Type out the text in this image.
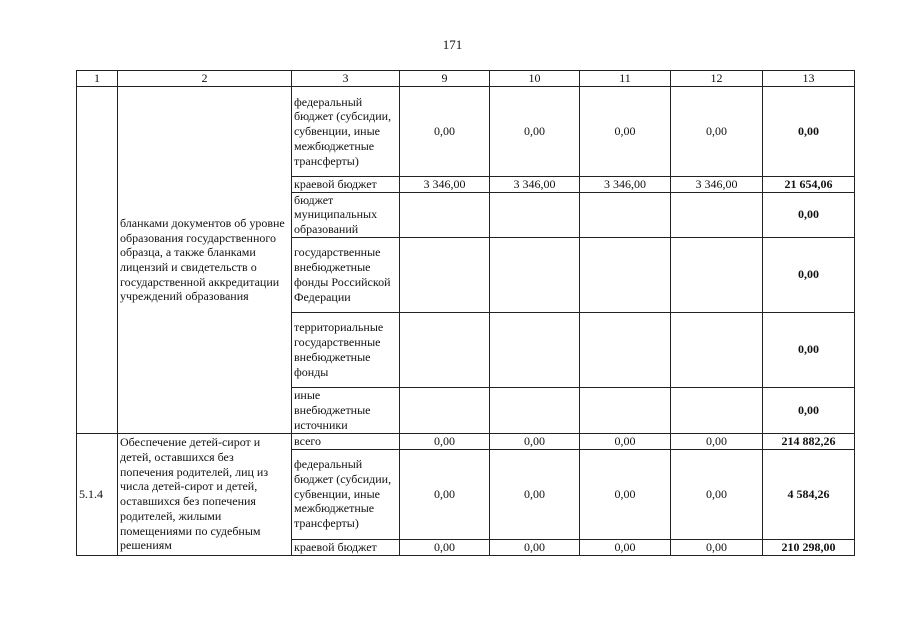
171
1	2	3	9	10	11	12	13
	бланками документов об уровне образования государственного образца, а также бланками лицензий и свидетельств о государственной аккредитации учреждений образования	федеральный бюджет (субсидии, субвенции, иные межбюджетные трансферты)	0,00	0,00	0,00	0,00	0,00
		краевой бюджет	3 346,00	3 346,00	3 346,00	3 346,00	21 654,06
		бюджет муниципальных образований					0,00
		государственные внебюджетные фонды Российской Федерации					0,00
		территориальные государственные внебюджетные фонды					0,00
		иные внебюджетные источники					0,00
5.1.4	Обеспечение детей-сирот и детей, оставшихся без попечения родителей, лиц из числа детей-сирот и детей, оставшихся без попечения родителей, жилыми помещениями по судебным решениям	всего	0,00	0,00	0,00	0,00	214 882,26
		федеральный бюджет (субсидии, субвенции, иные межбюджетные трансферты)	0,00	0,00	0,00	0,00	4 584,26
		краевой бюджет	0,00	0,00	0,00	0,00	210 298,00
